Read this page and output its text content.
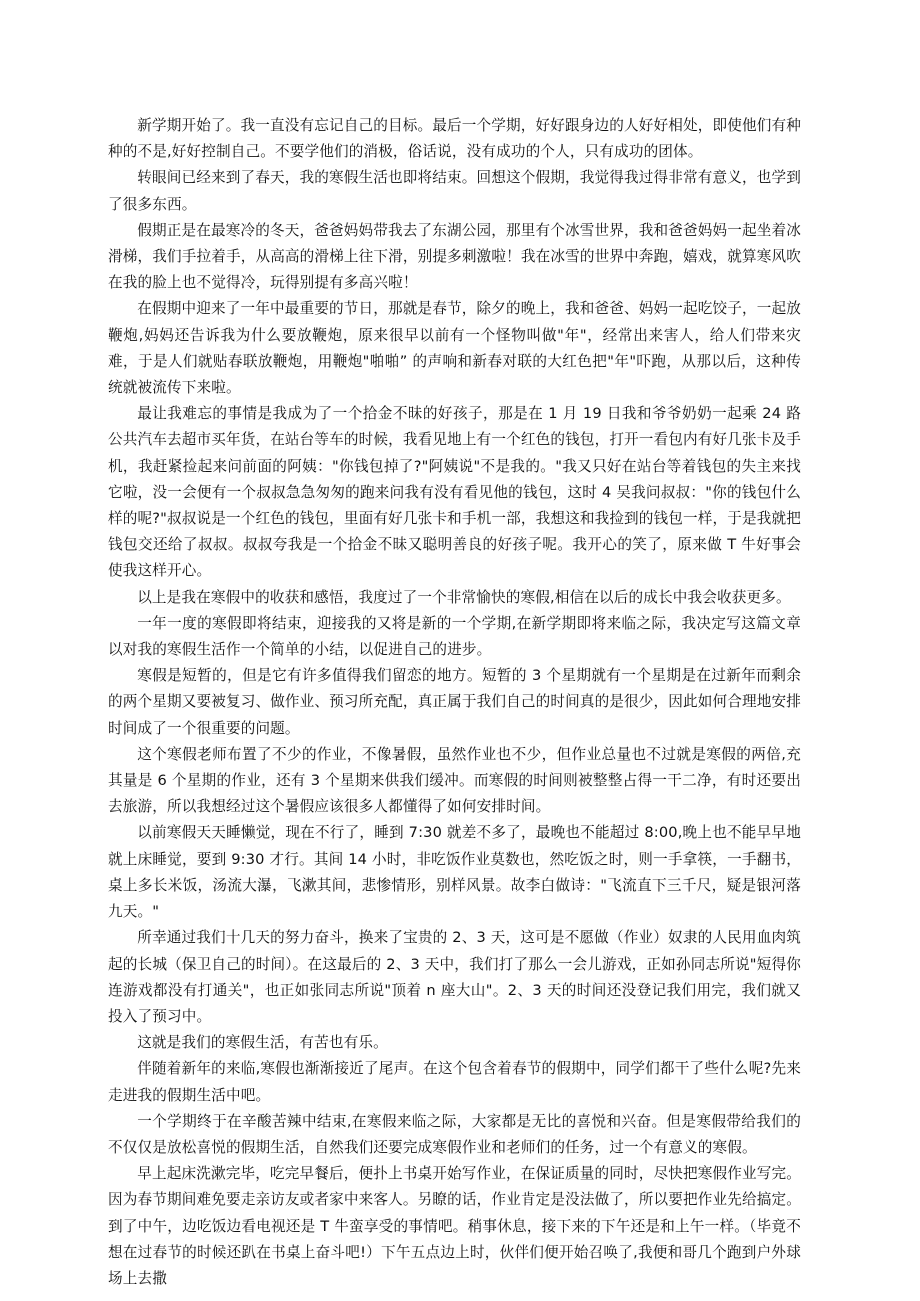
新学期开始了。我一直没有忘记自己的目标。最后一个学期，好好跟身边的人好好相处，即使他们有种种的不是,好好控制自己。不要学他们的消极，俗话说，没有成功的个人，只有成功的团体。

转眼间已经来到了春天，我的寒假生活也即将结束。回想这个假期，我觉得我过得非常有意义，也学到了很多东西。

假期正是在最寒冷的冬天，爸爸妈妈带我去了东湖公园，那里有个冰雪世界，我和爸爸妈妈一起坐着冰滑梯，我们手拉着手，从高高的滑梯上往下滑，别提多刺激啦！我在冰雪的世界中奔跑，嬉戏，就算寒风吹在我的脸上也不觉得冷，玩得别提有多高兴啦！

在假期中迎来了一年中最重要的节日，那就是春节，除夕的晚上，我和爸爸、妈妈一起吃饺子，一起放鞭炮,妈妈还告诉我为什么要放鞭炮，原来很早以前有一个怪物叫做"年"，经常出来害人，给人们带来灾难，于是人们就贴春联放鞭炮，用鞭炮"啪啪” 的声响和新春对联的大红色把"年"吓跑，从那以后，这种传统就被流传下来啦。

最让我难忘的事情是我成为了一个拾金不昧的好孩子，那是在 1 月 19 日我和爷爷奶奶一起乘 24 路公共汽车去超市买年货，在站台等车的时候，我看见地上有一个红色的钱包，打开一看包内有好几张卡及手机，我赶紧捡起来问前面的阿姨："你钱包掉了?"阿姨说"不是我的。"我又只好在站台等着钱包的失主来找它啦，没一会便有一个叔叔急急匆匆的跑来问我有没有看见他的钱包，这时 4 吴我问叔叔："你的钱包什么样的呢?"叔叔说是一个红色的钱包，里面有好几张卡和手机一部，我想这和我捡到的钱包一样，于是我就把钱包交还给了叔叔。叔叔夸我是一个拾金不昧又聪明善良的好孩子呢。我开心的笑了，原来做 T 牛好事会使我这样开心。

以上是我在寒假中的收获和感悟，我度过了一个非常愉快的寒假,相信在以后的成长中我会收获更多。

一年一度的寒假即将结束，迎接我的又将是新的一个学期,在新学期即将来临之际，我决定写这篇文章以对我的寒假生活作一个简单的小结，以促进自己的进步。

寒假是短暂的，但是它有许多值得我们留恋的地方。短暂的 3 个星期就有一个星期是在过新年而剩余的两个星期又要被复习、做作业、预习所充配，真正属于我们自己的时间真的是很少，因此如何合理地安排时间成了一个很重要的问题。

这个寒假老师布置了不少的作业，不像暑假，虽然作业也不少，但作业总量也不过就是寒假的两倍,充其量是 6 个星期的作业，还有 3 个星期来供我们缓冲。而寒假的时间则被整整占得一干二净，有时还要出去旅游，所以我想经过这个暑假应该很多人都懂得了如何安排时间。

以前寒假天天睡懒觉，现在不行了，睡到 7:30 就差不多了，最晚也不能超过 8:00,晚上也不能早早地就上床睡觉，要到 9:30 才行。其间 14 小时，非吃饭作业莫数也，然吃饭之时，则一手拿筷，一手翻书，桌上多长米饭，汤流大瀑，飞漱其间，悲惨情形，别样风景。故李白做诗："飞流直下三千尺，疑是银河落九天。"

所幸通过我们十几天的努力奋斗，换来了宝贵的 2、3 天，这可是不愿做（作业）奴隶的人民用血肉筑起的长城（保卫自己的时间）。在这最后的 2、3 天中，我们打了那么一会儿游戏，正如孙同志所说"短得你连游戏都没有打通关"，也正如张同志所说"顶着 n 座大山"。2、3 天的时间还没登记我们用完，我们就又投入了预习中。

这就是我们的寒假生活，有苦也有乐。

伴随着新年的来临,寒假也渐渐接近了尾声。在这个包含着春节的假期中，同学们都干了些什么呢?先来走进我的假期生活中吧。

一个学期终于在辛酸苦辣中结束,在寒假来临之际，大家都是无比的喜悦和兴奋。但是寒假带给我们的不仅仅是放松喜悦的假期生活，自然我们还要完成寒假作业和老师们的任务，过一个有意义的寒假。

早上起床洗漱完毕，吃完早餐后，便扑上书桌开始写作业，在保证质量的同时，尽快把寒假作业写完。因为春节期间难免要走亲访友或者家中来客人。另瞭的话，作业肯定是没法做了，所以要把作业先给搞定。到了中午，边吃饭边看电视还是 T 牛蛮享受的事情吧。稍事休息，接下来的下午还是和上午一样。（毕竟不想在过春节的时候还趴在书桌上奋斗吧!）下午五点边上时，伙伴们便开始召唤了,我便和哥几个跑到户外球场上去撒
